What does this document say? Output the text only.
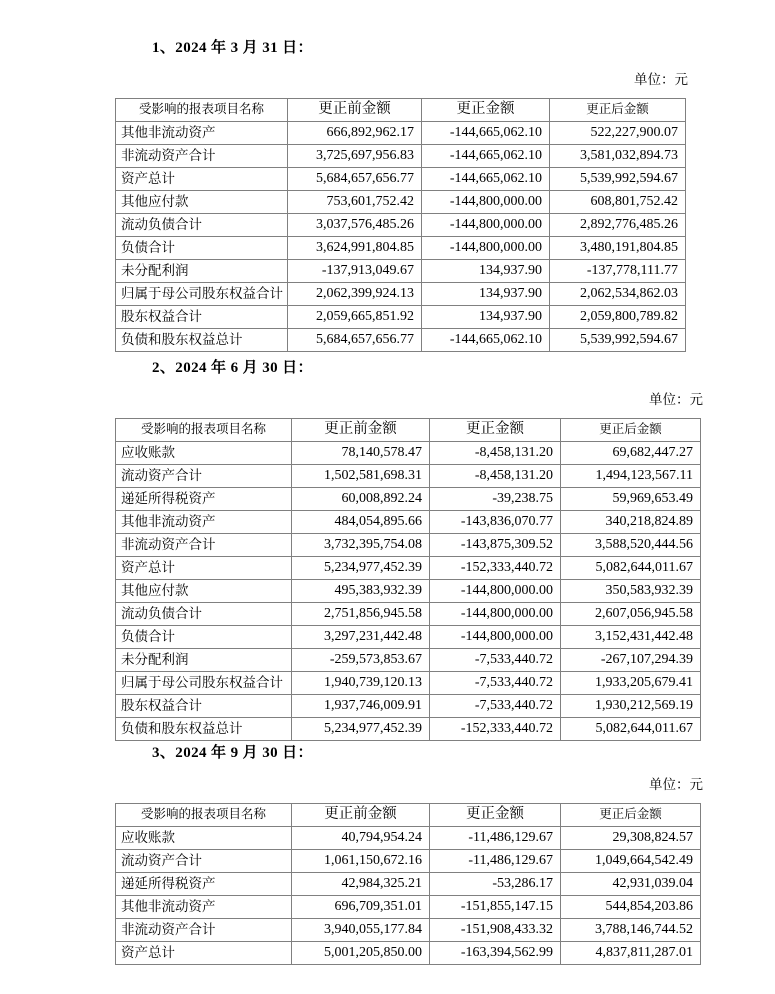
1、2024 年 3 月 31 日：
单位：元
受影响的报表项目名称	更正前金额	更正金额	更正后金额
其他非流动资产	666,892,962.17	-144,665,062.10	522,227,900.07
非流动资产合计	3,725,697,956.83	-144,665,062.10	3,581,032,894.73
资产总计	5,684,657,656.77	-144,665,062.10	5,539,992,594.67
其他应付款	753,601,752.42	-144,800,000.00	608,801,752.42
流动负债合计	3,037,576,485.26	-144,800,000.00	2,892,776,485.26
负债合计	3,624,991,804.85	-144,800,000.00	3,480,191,804.85
未分配利润	-137,913,049.67	134,937.90	-137,778,111.77
归属于母公司股东权益合计	2,062,399,924.13	134,937.90	2,062,534,862.03
股东权益合计	2,059,665,851.92	134,937.90	2,059,800,789.82
负债和股东权益总计	5,684,657,656.77	-144,665,062.10	5,539,992,594.67
2、2024 年 6 月 30 日：
单位：元
受影响的报表项目名称	更正前金额	更正金额	更正后金额
应收账款	78,140,578.47	-8,458,131.20	69,682,447.27
流动资产合计	1,502,581,698.31	-8,458,131.20	1,494,123,567.11
递延所得税资产	60,008,892.24	-39,238.75	59,969,653.49
其他非流动资产	484,054,895.66	-143,836,070.77	340,218,824.89
非流动资产合计	3,732,395,754.08	-143,875,309.52	3,588,520,444.56
资产总计	5,234,977,452.39	-152,333,440.72	5,082,644,011.67
其他应付款	495,383,932.39	-144,800,000.00	350,583,932.39
流动负债合计	2,751,856,945.58	-144,800,000.00	2,607,056,945.58
负债合计	3,297,231,442.48	-144,800,000.00	3,152,431,442.48
未分配利润	-259,573,853.67	-7,533,440.72	-267,107,294.39
归属于母公司股东权益合计	1,940,739,120.13	-7,533,440.72	1,933,205,679.41
股东权益合计	1,937,746,009.91	-7,533,440.72	1,930,212,569.19
负债和股东权益总计	5,234,977,452.39	-152,333,440.72	5,082,644,011.67
3、2024 年 9 月 30 日：
单位：元
受影响的报表项目名称	更正前金额	更正金额	更正后金额
应收账款	40,794,954.24	-11,486,129.67	29,308,824.57
流动资产合计	1,061,150,672.16	-11,486,129.67	1,049,664,542.49
递延所得税资产	42,984,325.21	-53,286.17	42,931,039.04
其他非流动资产	696,709,351.01	-151,855,147.15	544,854,203.86
非流动资产合计	3,940,055,177.84	-151,908,433.32	3,788,146,744.52
资产总计	5,001,205,850.00	-163,394,562.99	4,837,811,287.01
